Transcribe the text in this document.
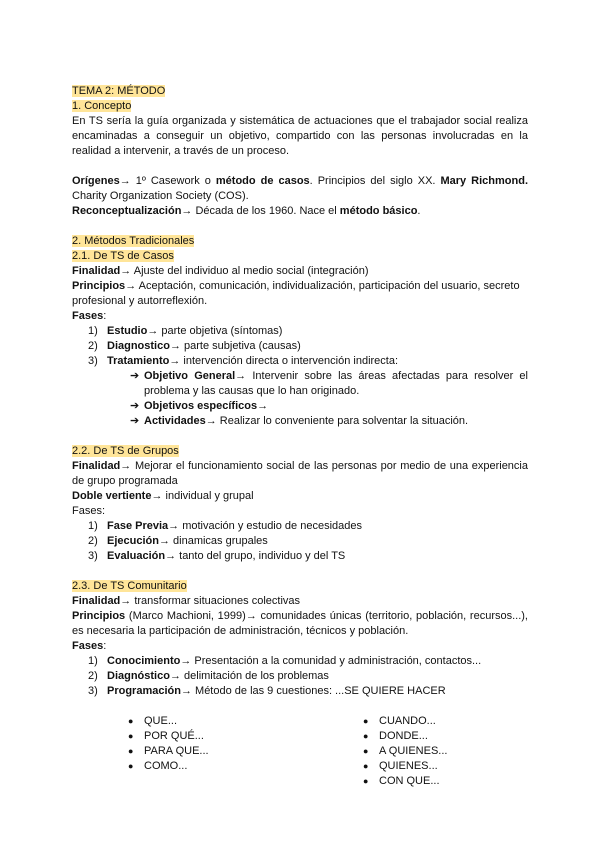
TEMA 2: MÉTODO
1. Concepto

En TS sería la guía organizada y sistemática de actuaciones que el trabajador social realiza encaminadas a conseguir un objetivo, compartido con las personas involucradas en la realidad a intervenir, a través de un proceso.

Orígenes→ 1º Casework o método de casos. Principios del siglo XX. Mary Richmond. Charity Organization Society (COS).

Reconceptualización→ Década de los 1960. Nace el método básico.

2. Métodos Tradicionales
2.1. De TS de Casos

Finalidad→ Ajuste del individuo al medio social (integración)

Principios→ Aceptación, comunicación, individualización, participación del usuario, secreto profesional y autorreflexión.

Fases:

1) Estudio→ parte objetiva (síntomas)
2) Diagnostico→ parte subjetiva (causas)
3) Tratamiento→ intervención directa o intervención indirecta:
➔ Objetivo General→ Intervenir sobre las áreas afectadas para resolver el problema y las causas que lo han originado.
➔ Objetivos específicos→
➔ Actividades→ Realizar lo conveniente para solventar la situación.
2.2. De TS de Grupos

Finalidad→ Mejorar el funcionamiento social de las personas por medio de una experiencia de grupo programada

Doble vertiente→ individual y grupal

Fases:

1) Fase Previa→ motivación y estudio de necesidades
2) Ejecución→ dinamicas grupales
3) Evaluación→ tanto del grupo, individuo y del TS
2.3. De TS Comunitario

Finalidad→ transformar situaciones colectivas

Principios (Marco Machioni, 1999)→ comunidades únicas (territorio, población, recursos...), es necesaria la participación de administración, técnicos y población.

Fases:

1) Conocimiento→ Presentación a la comunidad y administración, contactos...
2) Diagnóstico→ delimitación de los problemas
3) Programación→ Método de las 9 cuestiones: ...SE QUIERE HACER
● QUE...
● POR QUÉ...
● PARA QUE...
● COMO...
● CUANDO...
● DONDE...
● A QUIENES...
● QUIENES...
● CON QUE...
